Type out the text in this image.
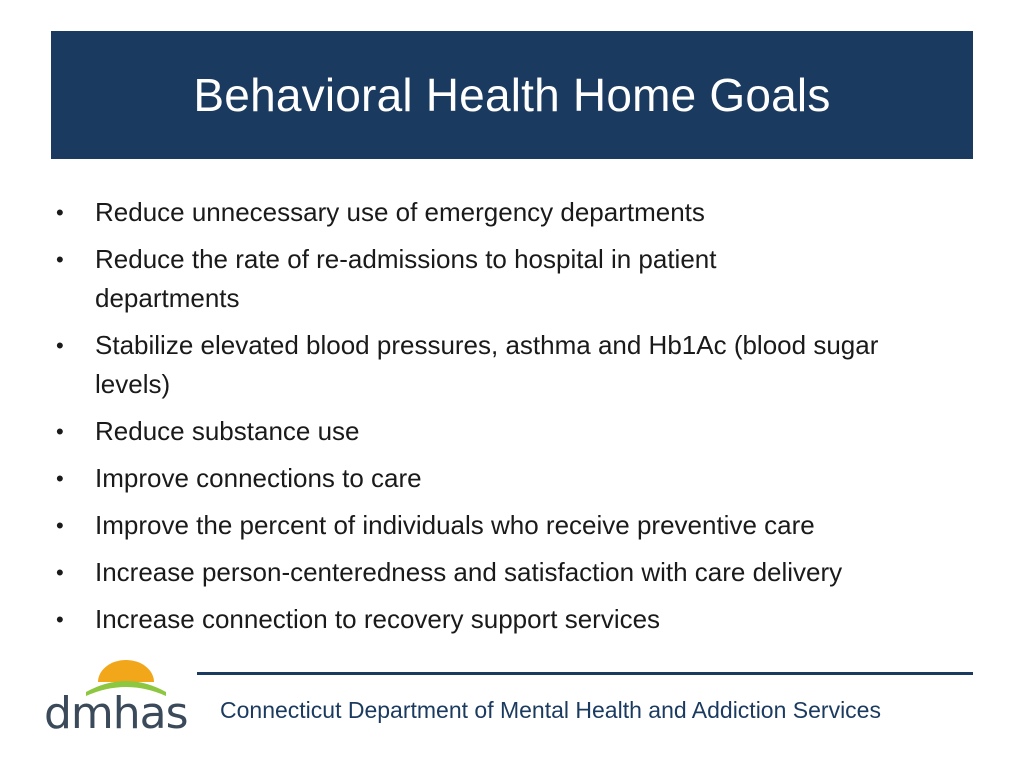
Behavioral Health Home Goals
• Reduce unnecessary use of emergency departments
• Reduce the rate of re-admissions to hospital in patient departments
• Stabilize elevated blood pressures, asthma and Hb1Ac (blood sugar levels)
• Reduce substance use
• Improve connections to care
• Improve the percent of individuals who receive preventive care
• Increase person-centeredness and satisfaction with care delivery
• Increase connection to recovery support services
dmhas Connecticut Department of Mental Health and Addiction Services
